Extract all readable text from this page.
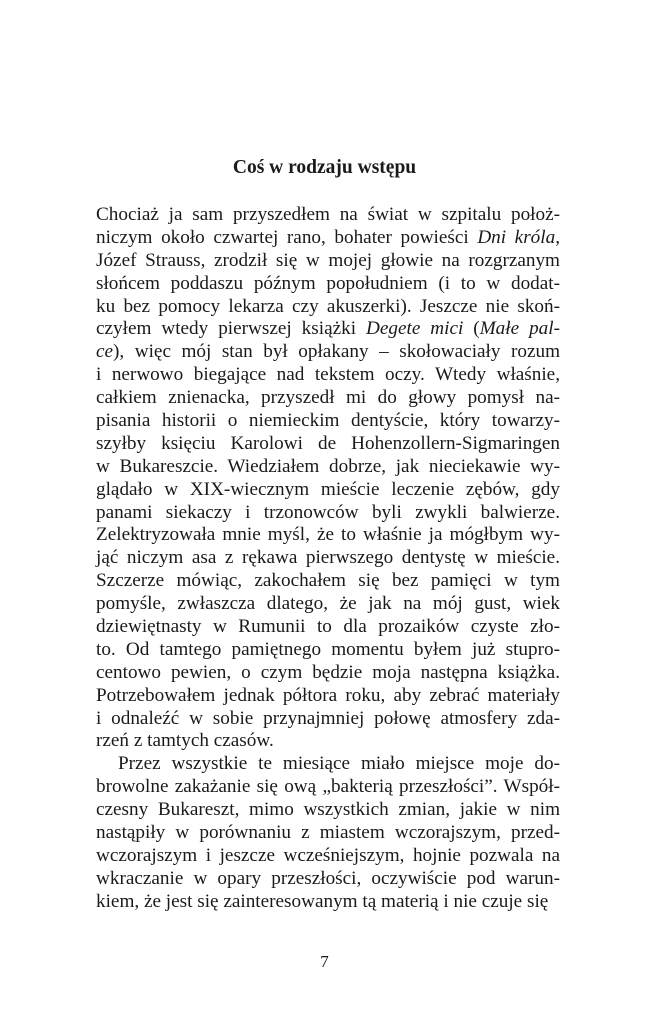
Coś w rodzaju wstępu
Chociaż ja sam przyszedłem na świat w szpitalu położ-
niczym około czwartej rano, bohater powieści Dni króla,
Józef Strauss, zrodził się w mojej głowie na rozgrzanym
słońcem poddaszu późnym popołudniem (i to w dodat-
ku bez pomocy lekarza czy akuszerki). Jeszcze nie skoń-
czyłem wtedy pierwszej książki Degete mici (Małe pal-
ce), więc mój stan był opłakany – skołowaciały rozum
i nerwowo biegające nad tekstem oczy. Wtedy właśnie,
całkiem znienacka, przyszedł mi do głowy pomysł na-
pisania historii o niemieckim dentyście, który towarzy-
szyłby księciu Karolowi de Hohenzollern-Sigmaringen
w Bukareszcie. Wiedziałem dobrze, jak nieciekawie wy-
glądało w XIX-wiecznym mieście leczenie zębów, gdy
panami siekaczy i trzonowców byli zwykli balwierze.
Zelektryzowała mnie myśl, że to właśnie ja mógłbym wy-
jąć niczym asa z rękawa pierwszego dentystę w mieście.
Szczerze mówiąc, zakochałem się bez pamięci w tym
pomyśle, zwłaszcza dlatego, że jak na mój gust, wiek
dziewiętnasty w Rumunii to dla prozaików czyste zło-
to. Od tamtego pamiętnego momentu byłem już stupro-
centowo pewien, o czym będzie moja następna książka.
Potrzebowałem jednak półtora roku, aby zebrać materiały
i odnaleźć w sobie przynajmniej połowę atmosfery zda-
rzeń z tamtych czasów.
Przez wszystkie te miesiące miało miejsce moje do-
browolne zakażanie się ową „bakterią przeszłości”. Współ-
czesny Bukareszt, mimo wszystkich zmian, jakie w nim
nastąpiły w porównaniu z miastem wczorajszym, przed-
wczorajszym i jeszcze wcześniejszym, hojnie pozwala na
wkraczanie w opary przeszłości, oczywiście pod warun-
kiem, że jest się zainteresowanym tą materią i nie czuje się
7
